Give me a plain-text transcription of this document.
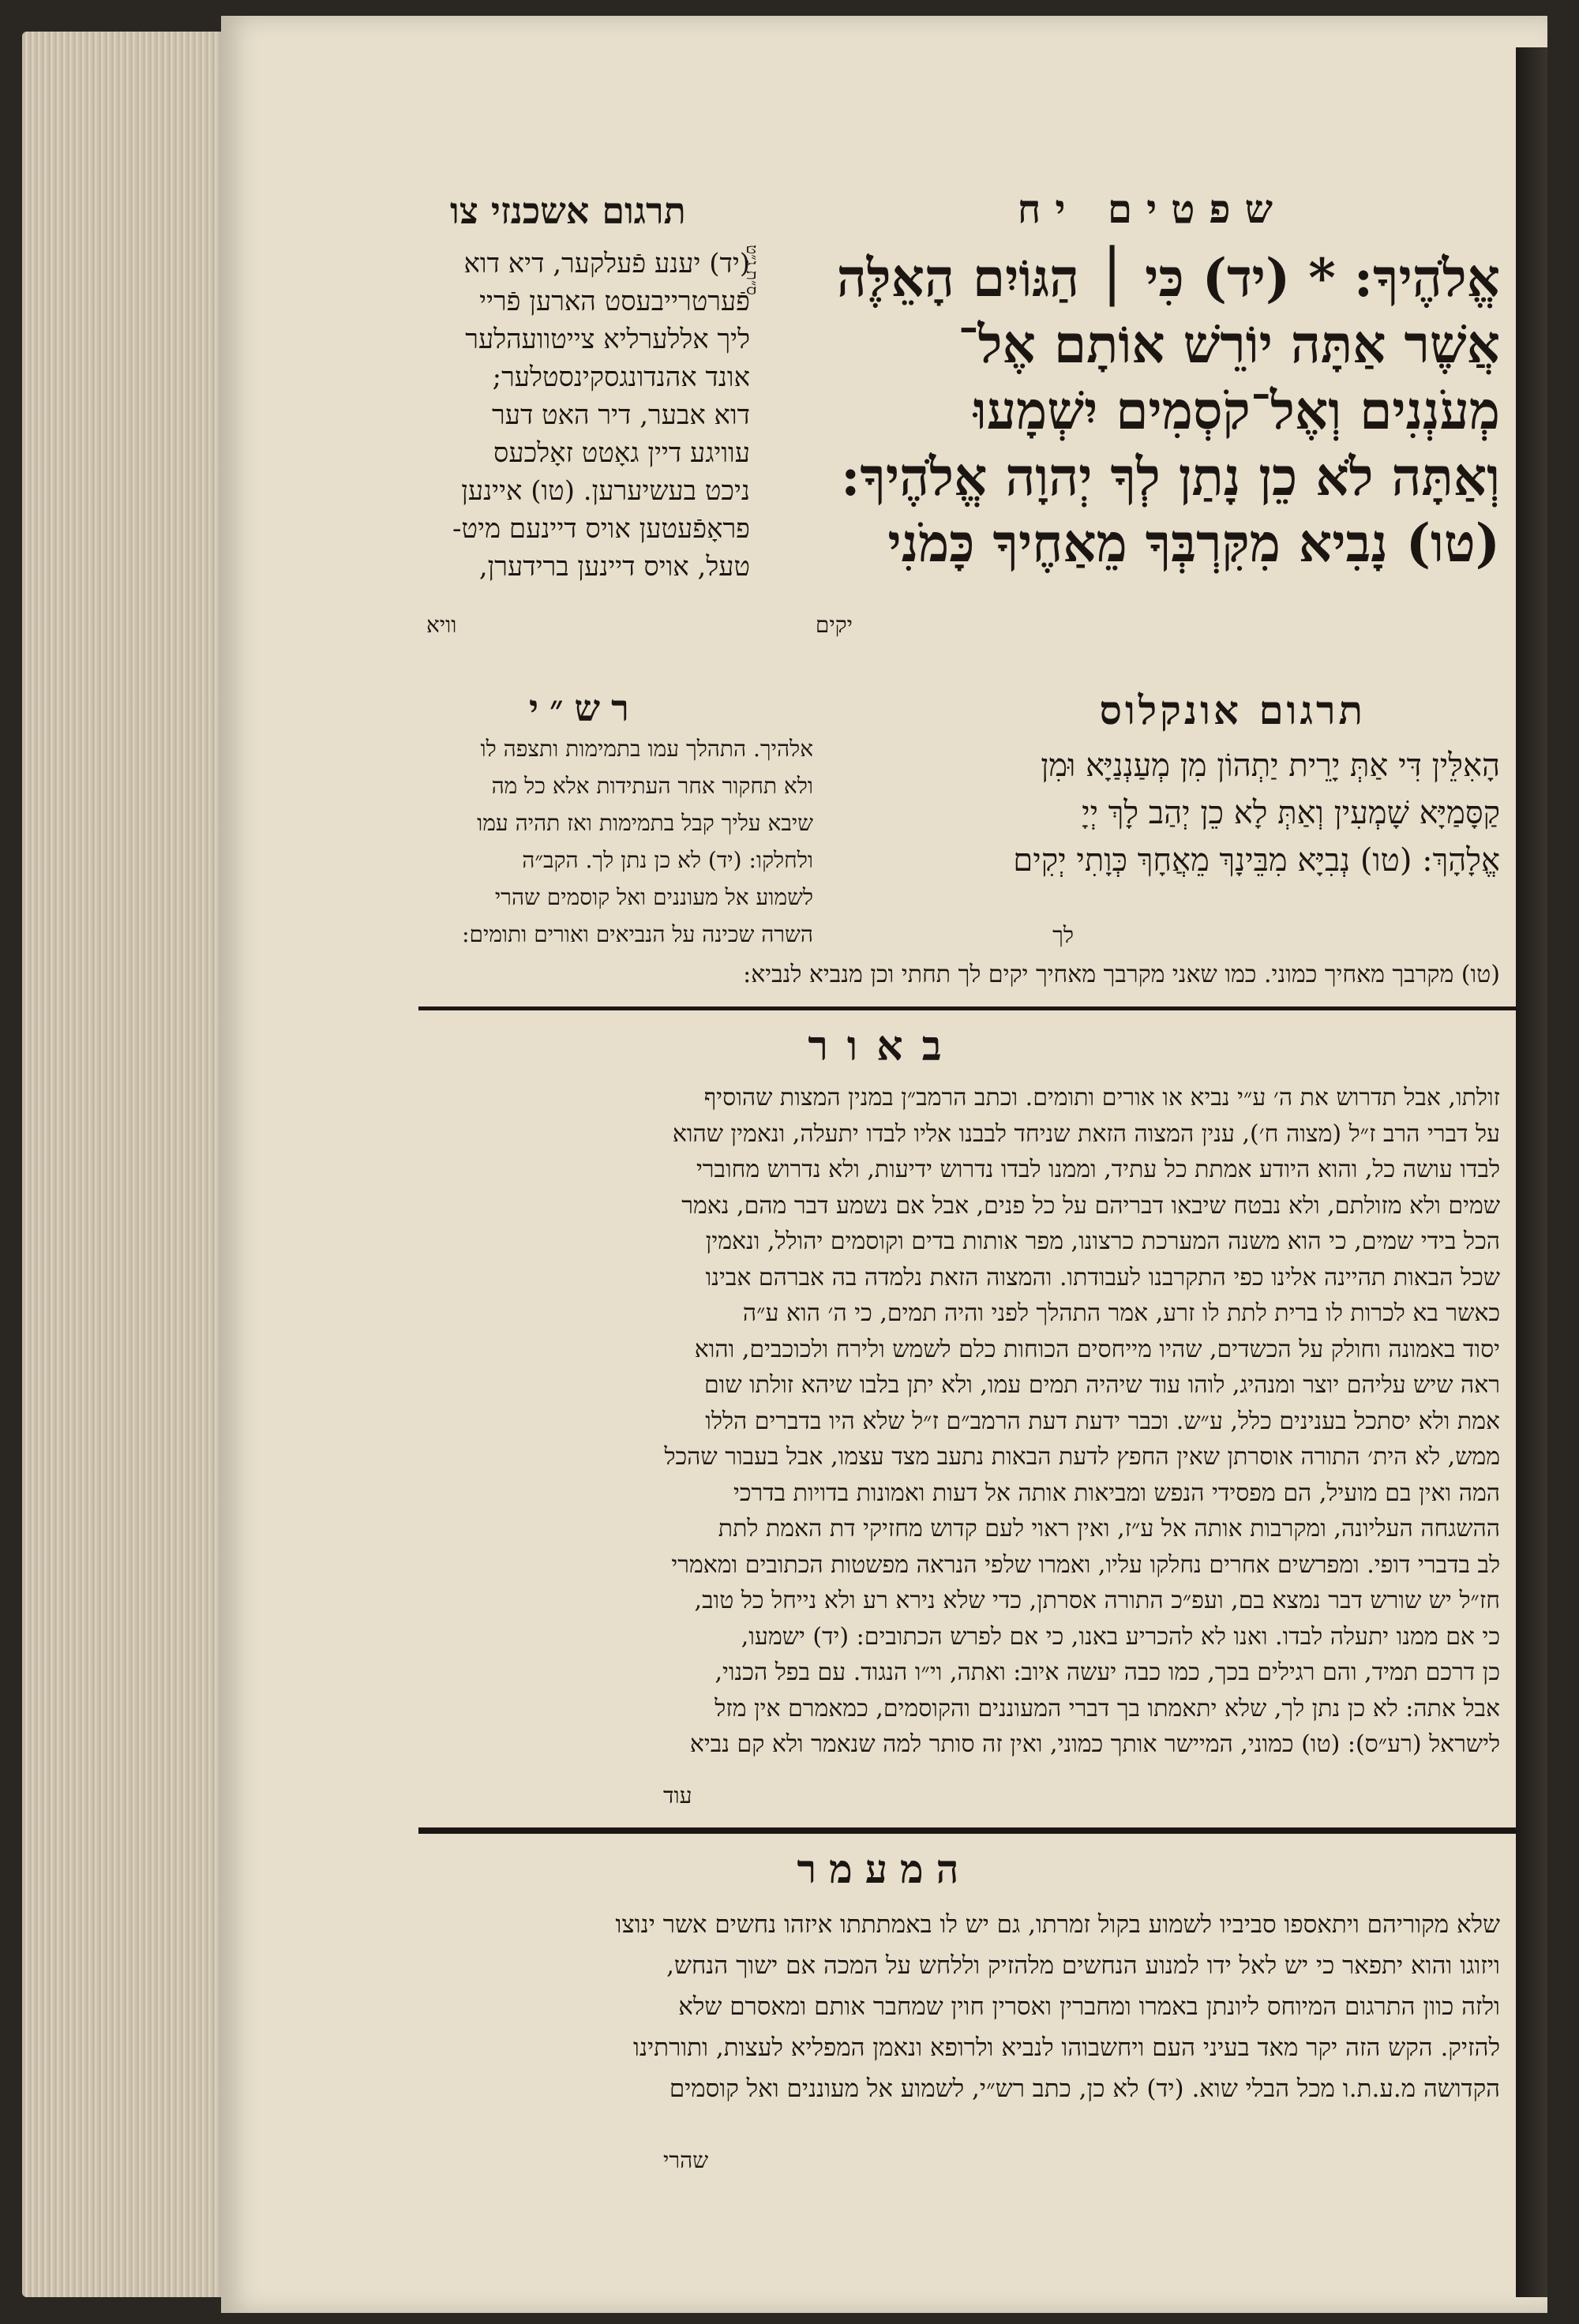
שפטים יח
תרגום אשכנזי צו
ס״ת ג״ט	אֱלֹהֶיךָ: * (יד) כִּי ׀ הַגּוֹיִם הָאֵלֶּה
אֲשֶׁר אַתָּה יוֹרֵשׁ אוֹתָם אֶל־
מְעֹנְנִים וְאֶל־קֹסְמִים יִשְׁמָעוּ
וְאַתָּה לֹא כֵן נָתַן לְךָ יְהוָה אֱלֹהֶיךָ:
(טו) נָבִיא מִקִּרְבְּךָ מֵאַחֶיךָ כָּמֹנִי
יקים
(יד) יענע פֿעלקער, דיא דוא
פֿערטרייבעסט הארען פֿריי
ליך אללערליא צייטוועהלער
אונד אהנדונגסקינסטלער;
דוא אבער, דיר האט דער
עוויגע דיין גאָטט זאָלכעס
ניכט בעשיערען. (טו) איינען
פראָפֿעטען אויס דיינעם מיט-
טעל, אויס דיינען ברידערן,
וויא
תרגום אונקלוס
רש״י
הָאִלֵּין דִּי אַתְּ יָרֵית יַתְהוֹן מִן מְעַנְנַיָּא וּמִן
קַסָּמַיָּא שָׁמְעִין וְאַתְּ לָא כֵן יְהַב לָךְ יְיָ
אֱלָהָךְ: (טו) נְבִיָּא מִבֵּינָךְ מֵאֲחָךְ כְּוָתִי יְקִים
לך
אלהיך. התהלך עמו בתמימות ותצפה לו
ולא תחקור אחר העתידות אלא כל מה
שיבא עליך קבל בתמימות ואז תהיה עמו
ולחלקו: (יד) לא כן נתן לך. הקב״ה
לשמוע אל מעוננים ואל קוסמים שהרי
השרה שכינה על הנביאים ואורים ותומים:
(טו) מקרבך מאחיך כמוני. כמו שאני מקרבך מאחיך יקים לך תחתי וכן מנביא לנביא:
באור
זולתו, אבל תדרוש את ה׳ ע״י נביא או אורים ותומים. וכתב הרמב״ן במנין המצות שהוסיף
על דברי הרב ז״ל (מצוה ח׳), ענין המצוה הזאת שניחד לבבנו אליו לבדו יתעלה, ונאמין שהוא
לבדו עושה כל, והוא היודע אמתת כל עתיד, וממנו לבדו נדרוש ידיעות, ולא נדרוש מחוברי
שמים ולא מזולתם, ולא נבטח שיבאו דבריהם על כל פנים, אבל אם נשמע דבר מהם, נאמר
הכל בידי שמים, כי הוא משנה המערכת כרצונו, מפר אותות בדים וקוסמים יהולל, ונאמין
שכל הבאות תהיינה אלינו כפי התקרבנו לעבודתו. והמצוה הזאת נלמדה בה אברהם אבינו
כאשר בא לכרות לו ברית לתת לו זרע, אמר התהלך לפני והיה תמים, כי ה׳ הוא ע״ה
יסוד באמונה וחולק על הכשדים, שהיו מייחסים הכוחות כלם לשמש ולירח ולכוכבים, והוא
ראה שיש עליהם יוצר ומנהיג, לוהו עוד שיהיה תמים עמו, ולא יתן בלבו שיהא זולתו שום
אמת ולא יסתכל בענינים כלל, ע״ש. וכבר ידעת דעת הרמב״ם ז״ל שלא היו בדברים הללו
ממש, לא הית׳ התורה אוסרתן שאין החפץ לדעת הבאות נתעב מצד עצמו, אבל בעבור שהכל
המה ואין בם מועיל, הם מפסידי הנפש ומביאות אותה אל דעות ואמונות בדויות בדרכי
ההשגחה העליונה, ומקרבות אותה אל ע״ז, ואין ראוי לעם קדוש מחזיקי דת האמת לתת
לב בדברי דופי. ומפרשים אחרים נחלקו עליו, ואמרו שלפי הנראה מפשטות הכתובים ומאמרי
חז״ל יש שורש דבר נמצא בם, ועפ״כ התורה אסרתן, כדי שלא נירא רע ולא נייחל כל טוב,
כי אם ממנו יתעלה לבדו. ואנו לא להכריע באנו, כי אם לפרש הכתובים: (יד) ישמעו,
כן דרכם תמיד, והם רגילים בכך, כמו כבה יעשה איוב: ואתה, וי״ו הנגוד. עם בפל הכנוי,
אבל אתה: לא כן נתן לך, שלא יתאמתו בך דברי המעוננים והקוסמים, כמאמרם אין מזל
לישראל (רע״ס): (טו) כמוני, המיישר אותך כמוני, ואין זה סותר למה שנאמר ולא קם נביא
עוד
המעמר
שלא מקוריהם ויתאספו סביביו לשמוע בקול זמרתו, גם יש לו באמתתתו איזהו נחשים אשר ינוצו
ויזוגו והוא יתפאר כי יש לאל ידו למנוע הנחשים מלהזיק וללחש על המכה אם ישוך הנחש,
ולזה כוון התרגום המיוחס ליונתן באמרו ומחברין ואסרין חוין שמחבר אותם ומאסרם שלא
להזיק. הקש הזה יקר מאד בעיני העם ויחשבוהו לנביא ולרופא ונאמן המפליא לעצות, ותורתינו
הקדושה מ.ע.ת.ו מכל הבלי שוא. (יד) לא כן, כתב רש״י, לשמוע אל מעוננים ואל קוסמים
שהרי
